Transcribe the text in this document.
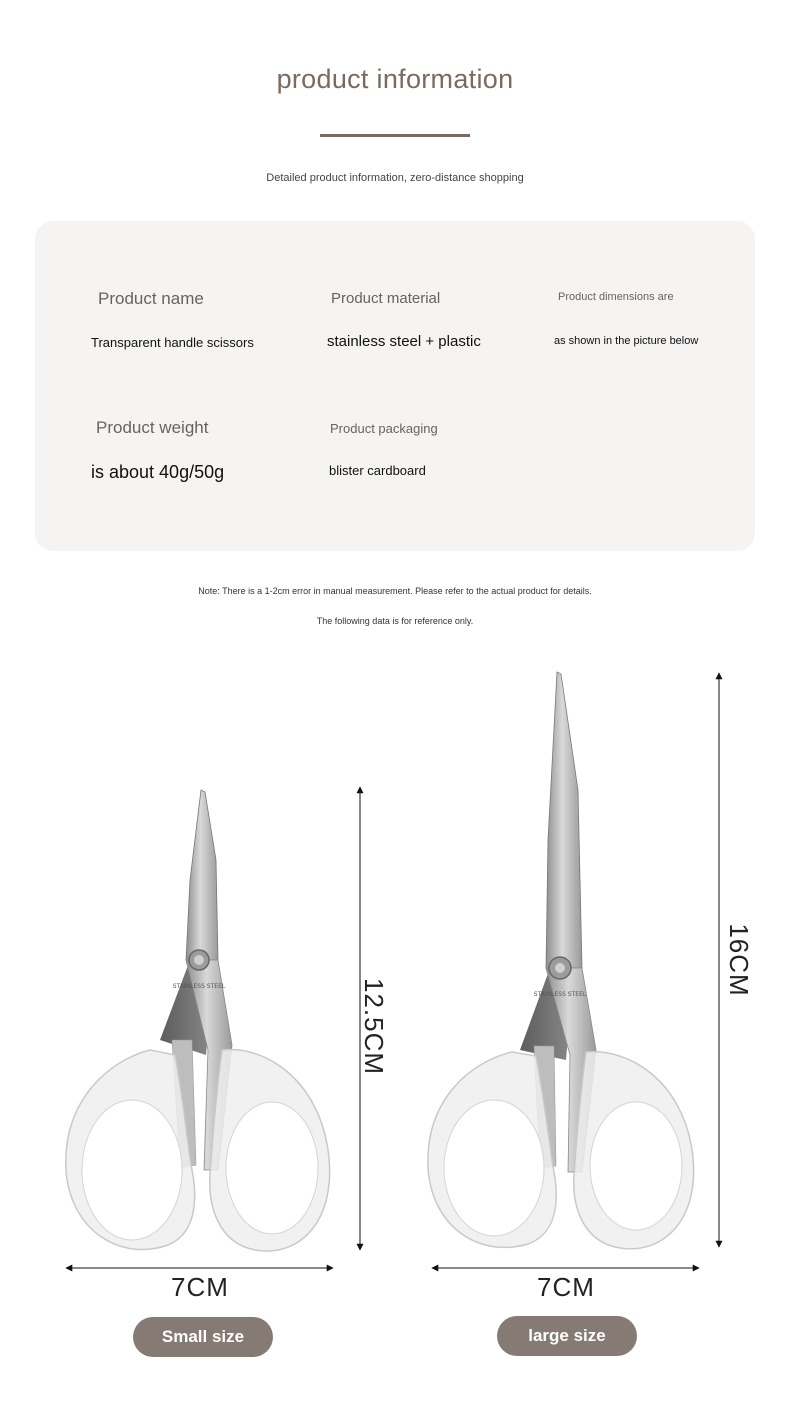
product information
Detailed product information, zero-distance shopping
Product name
Transparent handle scissors
Product material
stainless steel + plastic
Product dimensions are
as shown in the picture below
Product weight
is about 40g/50g
Product packaging
blister cardboard
Note: There is a 1-2cm error in manual measurement. Please refer to the actual product for details.
The following data is for reference only.
STAINLESS STEEL
STAINLESS STEEL
12.5CM
7CM
16CM
7CM
Small size	large size
